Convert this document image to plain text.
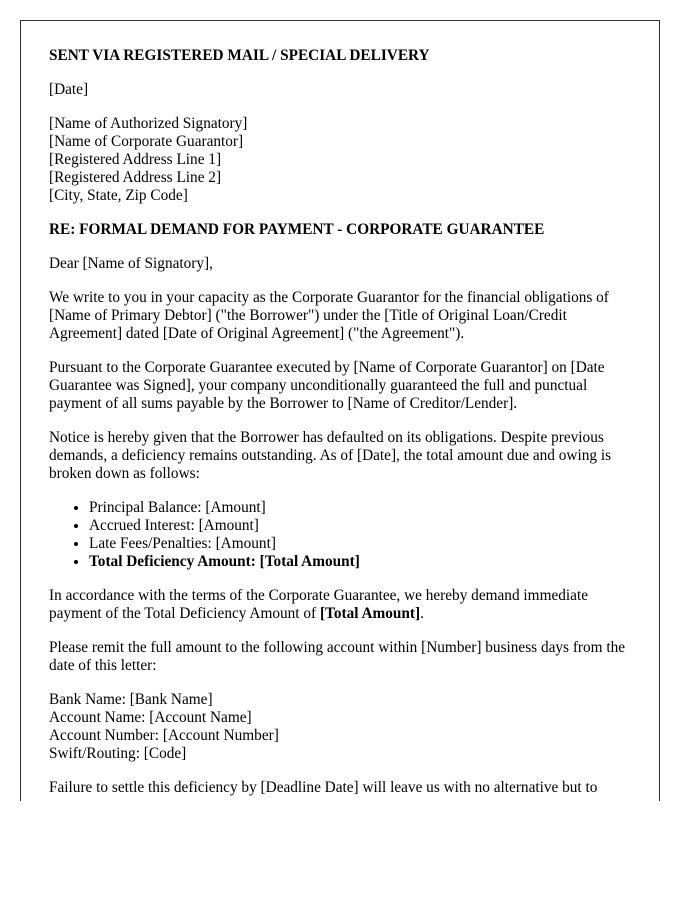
SENT VIA REGISTERED MAIL / SPECIAL DELIVERY

[Date]

[Name of Authorized Signatory]

[Name of Corporate Guarantor]

[Registered Address Line 1]

[Registered Address Line 2]

[City, State, Zip Code]

RE: FORMAL DEMAND FOR PAYMENT - CORPORATE GUARANTEE

Dear [Name of Signatory],

We write to you in your capacity as the Corporate Guarantor for the financial obligations of [Name of Primary Debtor] ("the Borrower") under the [Title of Original Loan/Credit Agreement] dated [Date of Original Agreement] ("the Agreement").

Pursuant to the Corporate Guarantee executed by [Name of Corporate Guarantor] on [Date Guarantee was Signed], your company unconditionally guaranteed the full and punctual payment of all sums payable by the Borrower to [Name of Creditor/Lender].

Notice is hereby given that the Borrower has defaulted on its obligations. Despite previous demands, a deficiency remains outstanding. As of [Date], the total amount due and owing is broken down as follows:

• Principal Balance: [Amount]
• Accrued Interest: [Amount]
• Late Fees/Penalties: [Amount]
• Total Deficiency Amount: [Total Amount]

In accordance with the terms of the Corporate Guarantee, we hereby demand immediate payment of the Total Deficiency Amount of [Total Amount].

Please remit the full amount to the following account within [Number] business days from the date of this letter:

Bank Name: [Bank Name]

Account Name: [Account Name]

Account Number: [Account Number]

Swift/Routing: [Code]

Failure to settle this deficiency by [Deadline Date] will leave us with no alternative but to
